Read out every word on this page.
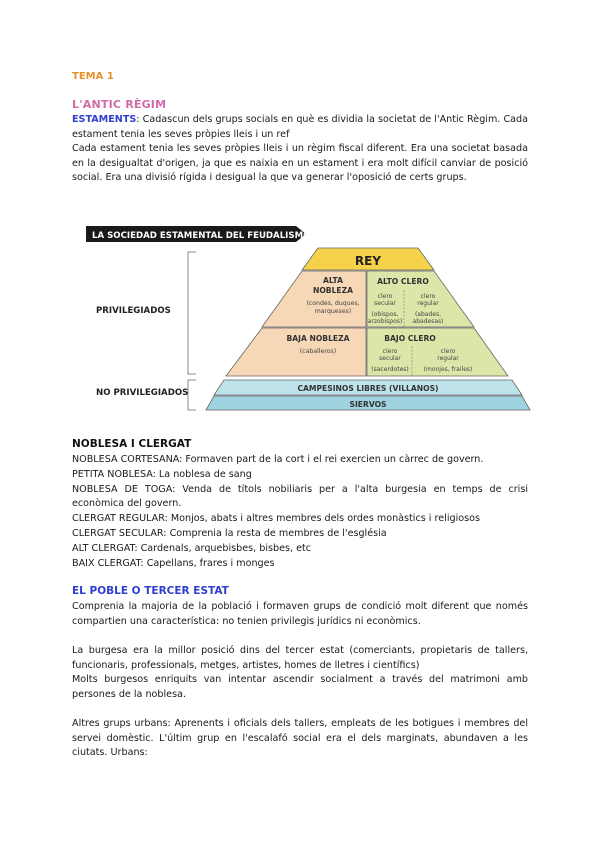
TEMA 1
L'ANTIC RÈGIM
ESTAMENTS: Cadascun dels grups socials en què es dividia la societat de l'Antic Règim. Cada estament tenia les seves pròpies lleis i un ref
Cada estament tenia les seves pròpies lleis i un règim fiscal diferent. Era una societat basada en la desigualtat d'origen, ja que es naixia en un estament i era molt difícil canviar de posició social. Era una divisió rígida i desigual la que va generar l'oposició de certs grups.
LA SOCIEDAD ESTAMENTAL DEL FEUDALISMO
PRIVILEGIADOS
NO PRIVILEGIADOS
REY
ALTA
NOBLEZA
(condes, duques,
marqueses)
ALTO CLERO
clero
secular
(obispos,
arzobispos)
clero
regular
(abades,
abadesas)
BAJA NOBLEZA
(caballeros)
BAJO CLERO
clero
secular
(sacerdotes)
clero
regular
(monjes, frailes)
CAMPESINOS LIBRES (VILLANOS)
SIERVOS
NOBLESA I CLERGAT
NOBLESA CORTESANA: Formaven part de la cort i el rei exercien un càrrec de govern.
PETITA NOBLESA: La noblesa de sang
NOBLESA DE TOGA: Venda de títols nobiliaris per a l'alta burgesia en temps de crisi econòmica del govern.
CLERGAT REGULAR: Monjos, abats i altres membres dels ordes monàstics i religiosos
CLERGAT SECULAR: Comprenia la resta de membres de l'església
ALT CLERGAT: Cardenals, arquebisbes, bisbes, etc
BAIX CLERGAT: Capellans, frares i monges
EL POBLE O TERCER ESTAT
Comprenia la majoria de la població i formaven grups de condició molt diferent que només compartien una característica: no tenien privilegis jurídics ni econòmics.
La burgesa era la millor posició dins del tercer estat (comerciants, propietaris de tallers, funcionaris, professionals, metges, artistes, homes de lletres i científics)
Molts burgesos enriquits van intentar ascendir socialment a través del matrimoni amb persones de la noblesa.
Altres grups urbans: Aprenents i oficials dels tallers, empleats de les botigues i membres del servei domèstic. L'últim grup en l'escalafó social era el dels marginats, abundaven a les ciutats. Urbans:
